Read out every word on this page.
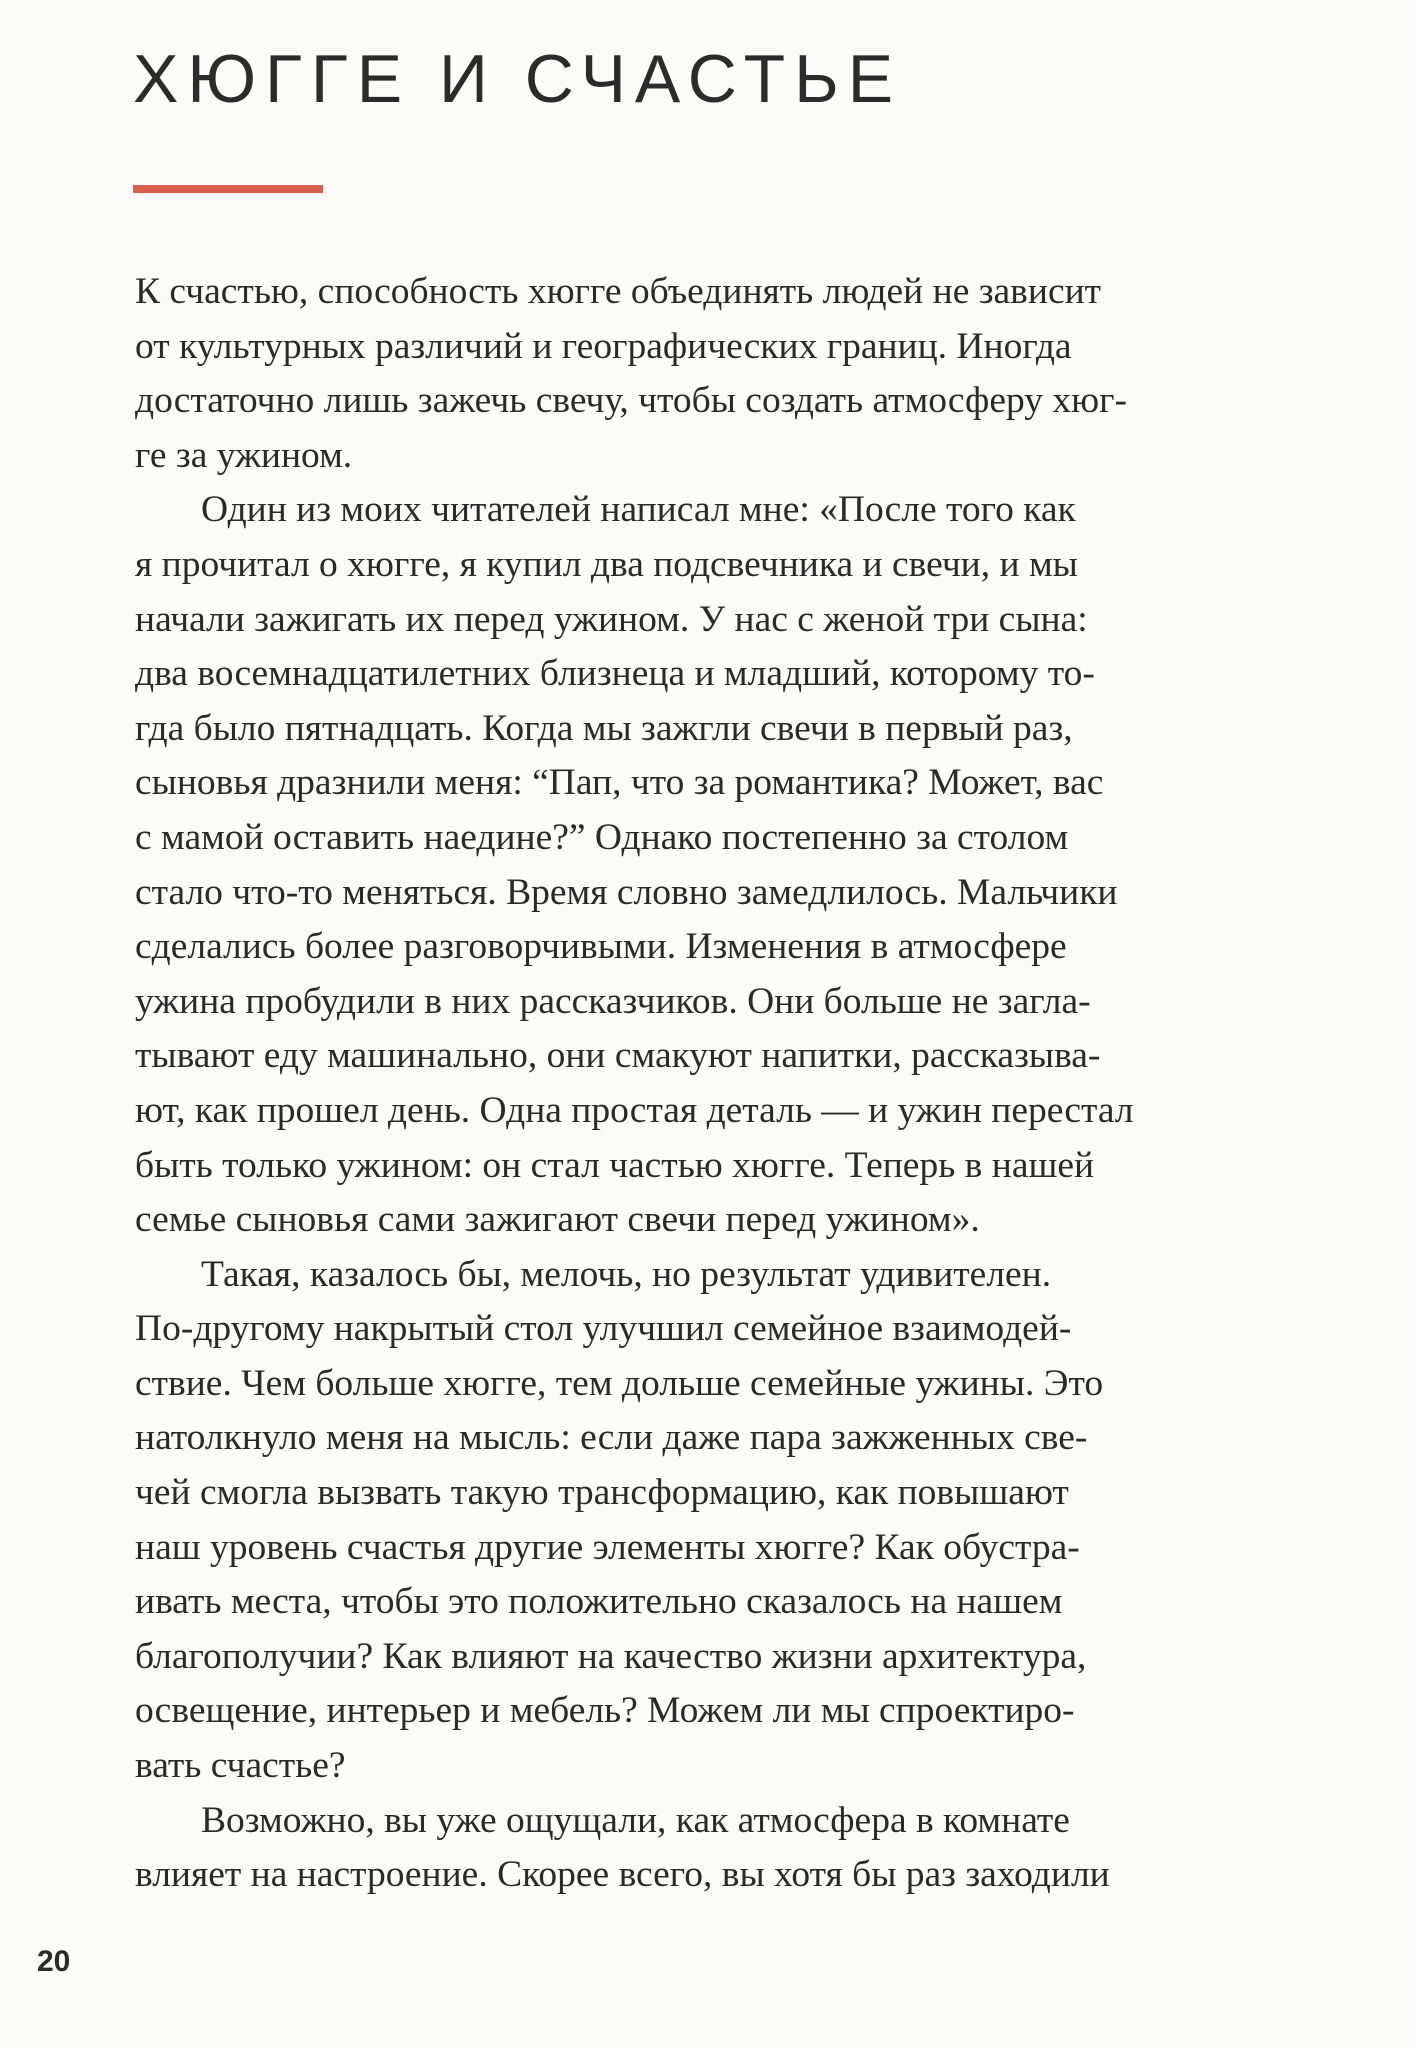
ХЮГГЕ И СЧАСТЬЕ
К счастью, способность хюгге объединять людей не зависит
от культурных различий и географических границ. Иногда
достаточно лишь зажечь свечу, чтобы создать атмосферу хюг-
ге за ужином.
Один из моих читателей написал мне: «После того как
я прочитал о хюгге, я купил два подсвечника и свечи, и мы
начали зажигать их перед ужином. У нас с женой три сына:
два восемнадцатилетних близнеца и младший, которому то-
гда было пятнадцать. Когда мы зажгли свечи в первый раз,
сыновья дразнили меня: “Пап, что за романтика? Может, вас
с мамой оставить наедине?” Однако постепенно за столом
стало что-то меняться. Время словно замедлилось. Мальчики
сделались более разговорчивыми. Изменения в атмосфере
ужина пробудили в них рассказчиков. Они больше не загла-
тывают еду машинально, они смакуют напитки, рассказыва-
ют, как прошел день. Одна простая деталь — и ужин перестал
быть только ужином: он стал частью хюгге. Теперь в нашей
семье сыновья сами зажигают свечи перед ужином».
Такая, казалось бы, мелочь, но результат удивителен.
По-другому накрытый стол улучшил семейное взаимодей-
ствие. Чем больше хюгге, тем дольше семейные ужины. Это
натолкнуло меня на мысль: если даже пара зажженных све-
чей смогла вызвать такую трансформацию, как повышают
наш уровень счастья другие элементы хюгге? Как обустра-
ивать места, чтобы это положительно сказалось на нашем
благополучии? Как влияют на качество жизни архитектура,
освещение, интерьер и мебель? Можем ли мы спроектиро-
вать счастье?
Возможно, вы уже ощущали, как атмосфера в комнате
влияет на настроение. Скорее всего, вы хотя бы раз заходили
20
